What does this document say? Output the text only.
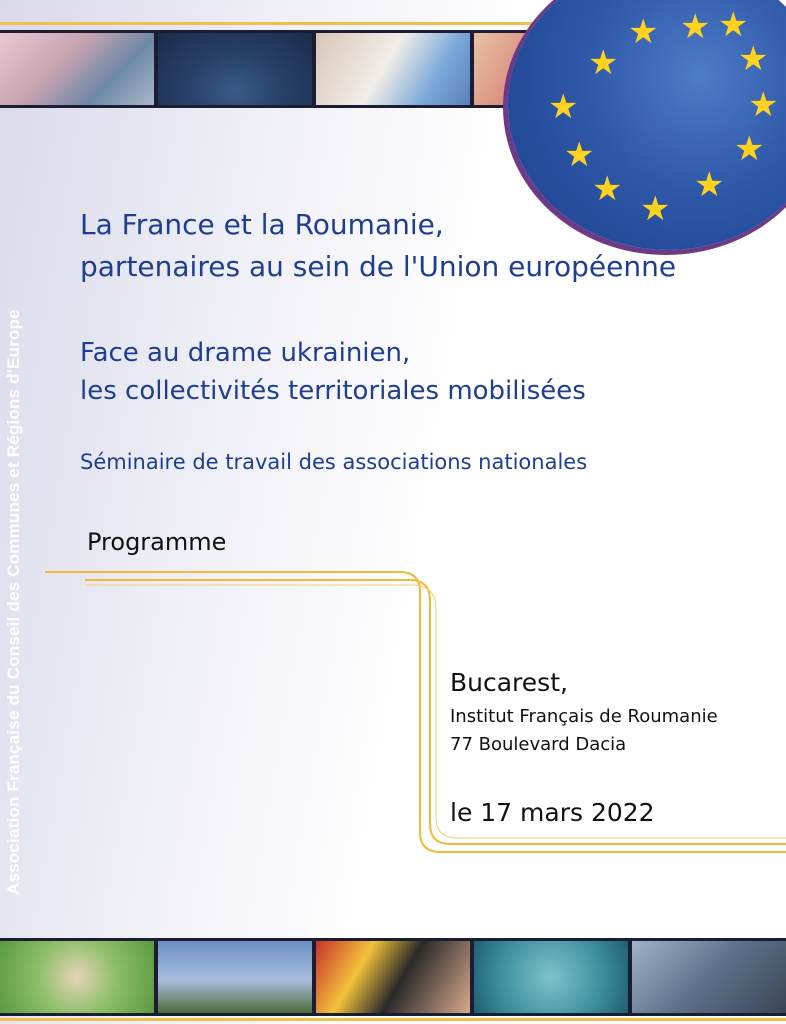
★ ★
★
★	★
★	★
★	★
★ ★
★
Association Française du Conseil des Communes et Régions d'Europe
La France et la Roumanie,
partenaires au sein de l'Union européenne
Face au drame ukrainien,
les collectivités territoriales mobilisées
Séminaire de travail des associations nationales
Programme
Bucarest,
Institut Français de Roumanie
77 Boulevard Dacia
le 17 mars 2022
